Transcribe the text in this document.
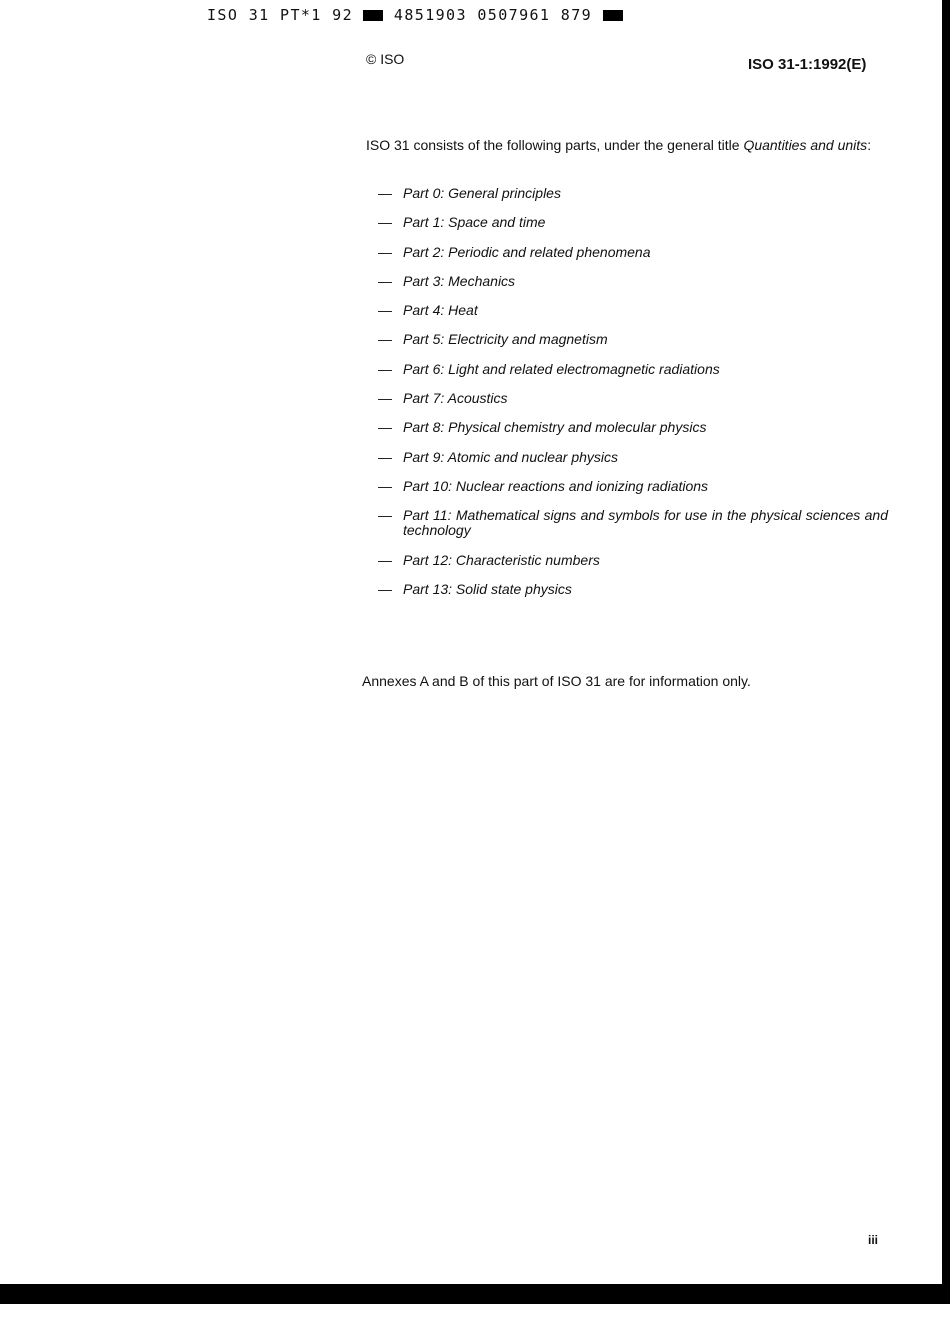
ISO 31 PT*1 92	4851903 0507961 879
© ISO	ISO 31-1:1992(E)

ISO 31 consists of the following parts, under the general title Quantities and units:

— Part 0: General principles
— Part 1: Space and time
— Part 2: Periodic and related phenomena
— Part 3: Mechanics
— Part 4: Heat
— Part 5: Electricity and magnetism
— Part 6: Light and related electromagnetic radiations
— Part 7: Acoustics
— Part 8: Physical chemistry and molecular physics
— Part 9: Atomic and nuclear physics
— Part 10: Nuclear reactions and ionizing radiations
— Part 11: Mathematical signs and symbols for use in the physical sciences and technology
— Part 12: Characteristic numbers
— Part 13: Solid state physics
Annexes A and B of this part of ISO 31 are for information only.
iii
